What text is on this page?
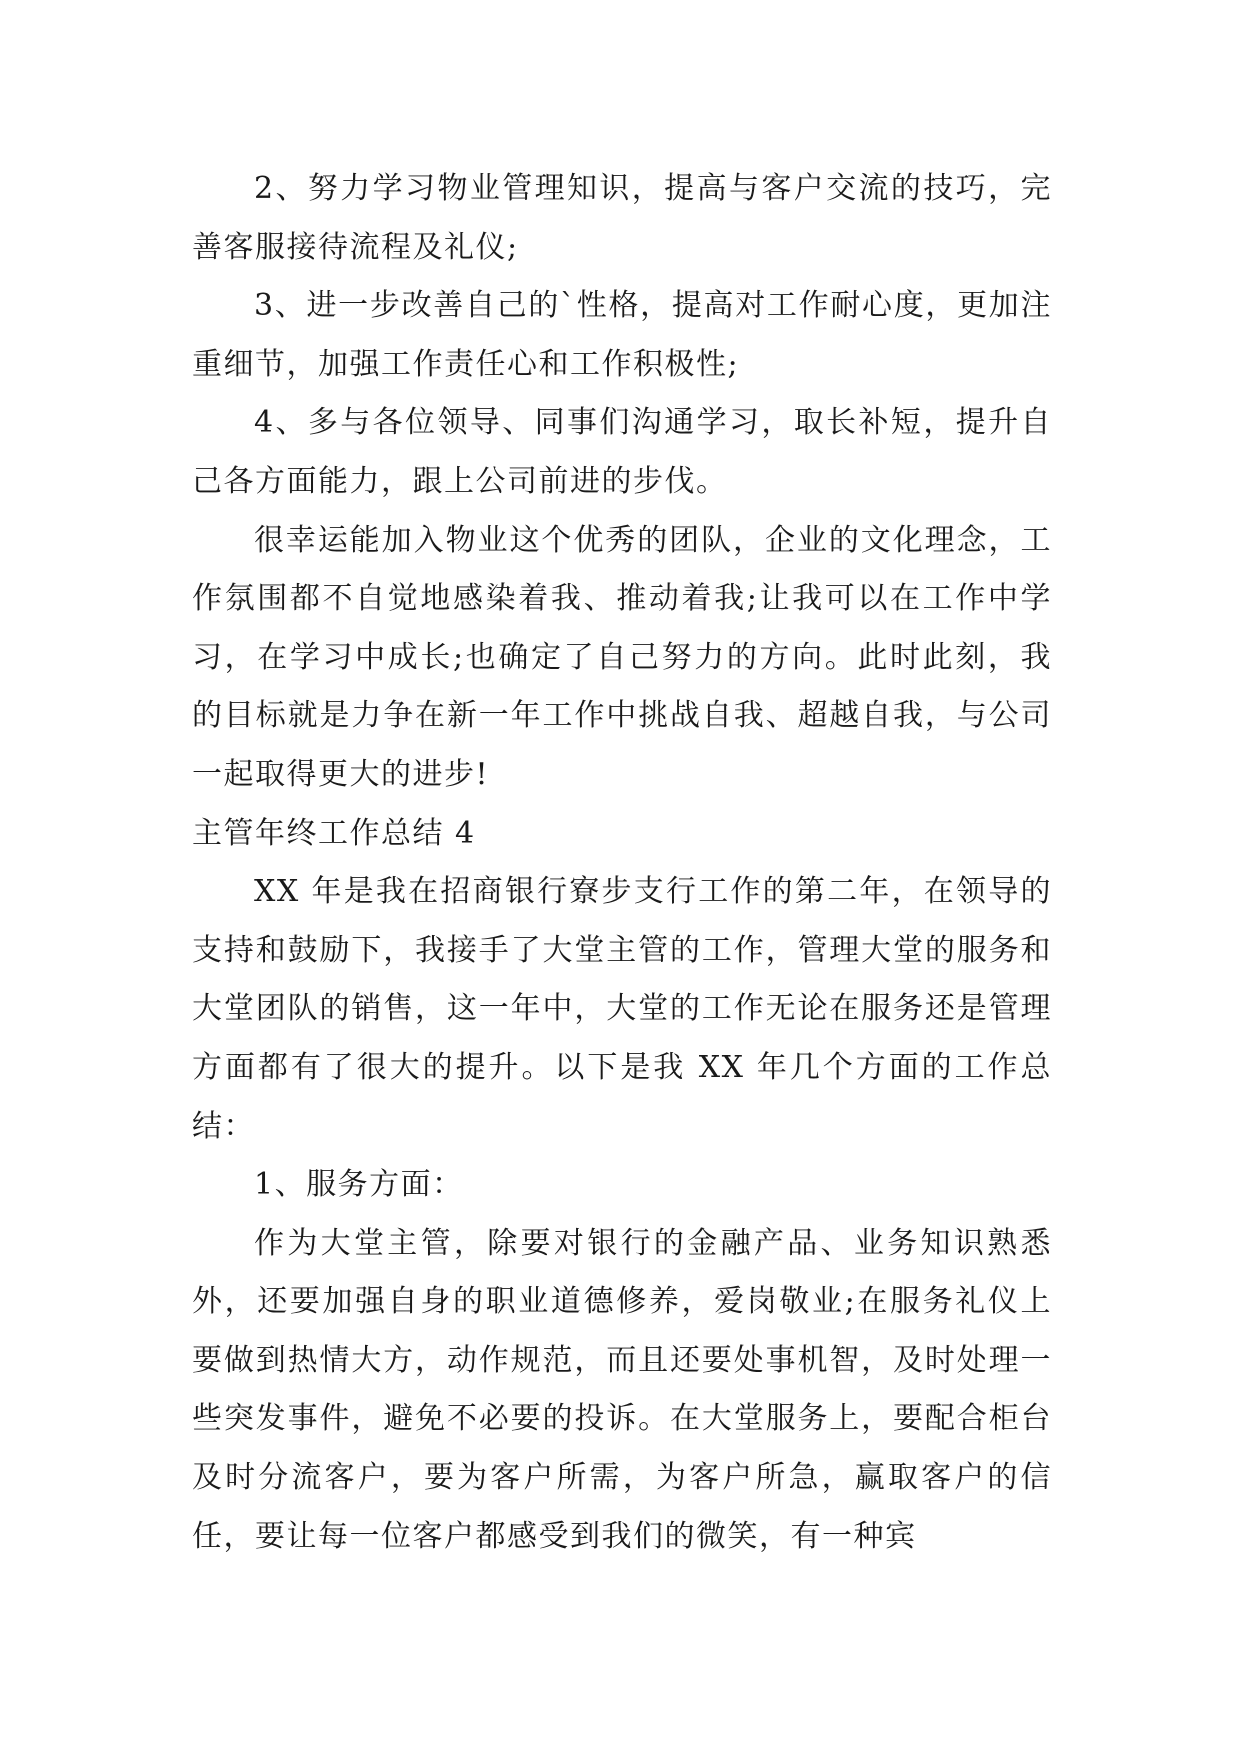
2、努力学习物业管理知识，提高与客户交流的技巧，完善客服接待流程及礼仪;

3、进一步改善自己的`性格，提高对工作耐心度，更加注重细节，加强工作责任心和工作积极性;

4、多与各位领导、同事们沟通学习，取长补短，提升自己各方面能力，跟上公司前进的步伐。

很幸运能加入物业这个优秀的团队，企业的文化理念，工作氛围都不自觉地感染着我、推动着我;让我可以在工作中学习，在学习中成长;也确定了自己努力的方向。此时此刻，我的目标就是力争在新一年工作中挑战自我、超越自我，与公司一起取得更大的进步!

主管年终工作总结 4

XX 年是我在招商银行寮步支行工作的第二年，在领导的支持和鼓励下，我接手了大堂主管的工作，管理大堂的服务和大堂团队的销售，这一年中，大堂的工作无论在服务还是管理方面都有了很大的提升。以下是我 XX 年几个方面的工作总结：

1、服务方面：

作为大堂主管，除要对银行的金融产品、业务知识熟悉外，还要加强自身的职业道德修养，爱岗敬业;在服务礼仪上要做到热情大方，动作规范，而且还要处事机智，及时处理一些突发事件，避免不必要的投诉。在大堂服务上，要配合柜台及时分流客户，要为客户所需，为客户所急，赢取客户的信任，要让每一位客户都感受到我们的微笑，有一种宾
